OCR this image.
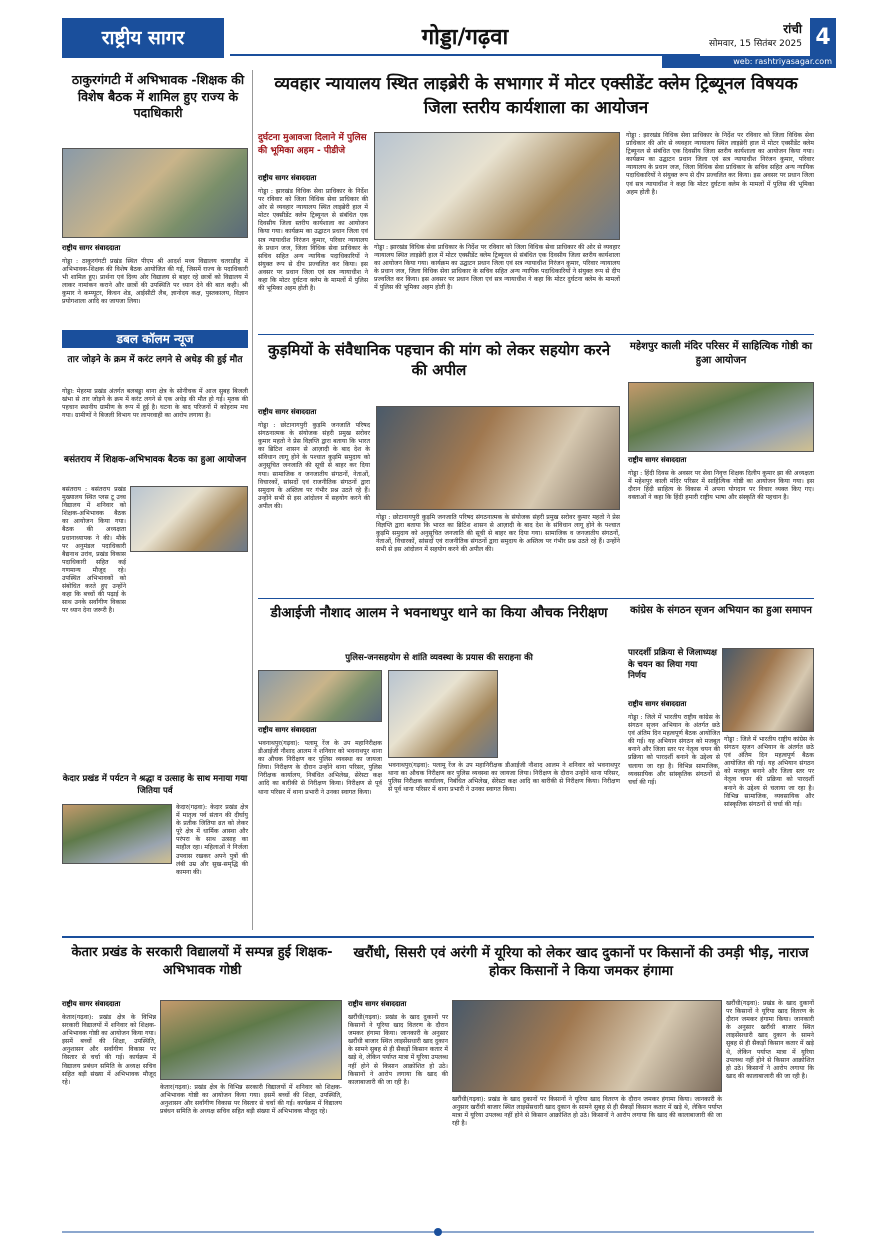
राष्ट्रीय सागर	गोड्डा/गढ़वा	रांची
सोमवार, 15 सितंबर 2025 4
web: rashtriyasagar.com
ठाकुरगंगटी में अभिभावक -शिक्षक की विशेष बैठक में शामिल हुए राज्य के पदाधिकारी
राष्ट्रीय सागर संवाददाता
गोड्डा : ठाकुरगंगटी प्रखंड स्थित पीएम श्री आदर्श मध्य विद्यालय चतराडीह में अभिभावक-शिक्षक की विशेष बैठक आयोजित की गई, जिसमें राज्य के पदाधिकारी भी शामिल हुए। प्रार्थना एवं दिव्य ओर विद्यालय से बाहर रहे छात्रों को विद्यालय में लाकर नामांकन कराने और छात्रों की उपस्थिति पर ध्यान देने की बात कही। श्री कुमार ने कम्प्यूटर, किचन शेड, आईसीटी लैब, ज्ञानोदय कक्ष, पुस्तकालय, विज्ञान प्रयोगशाला आदि का जायजा लिया।
डबल कॉलम न्यूज
तार जोड़ने के क्रम में करंट लगने से अधेड़ की हुई मौत
गोड्डा: मेहरमा प्रखंड अंतर्गत बलबड्डा थाना क्षेत्र के सोनीचक में आज सुबह बिजली खंभा से तार जोड़ने के क्रम में करंट लगने से एक अधेड़ की मौत हो गई। मृतक की पहचान स्थानीय ग्रामीण के रूप में हुई है। घटना के बाद परिजनों में कोहराम मच गया। ग्रामीणों ने बिजली विभाग पर लापरवाही का आरोप लगाया है।
बसंतराय में शिक्षक-अभिभावक बैठक का हुआ आयोजन
बसंतराय : बसंतराय प्रखंड मुख्यालय स्थित प्लस टू उच्च विद्यालय में शनिवार को शिक्षक-अभिभावक बैठक का आयोजन किया गया। बैठक की अध्यक्षता प्रधानाध्यापक ने की। मौके पर अनुमंडल पदाधिकारी बैद्यनाथ उरांव, प्रखंड विकास पदाधिकारी सहित कई गणमान्य मौजूद रहे। उपस्थित अभिभावकों को संबोधित करते हुए उन्होंने कहा कि बच्चों की पढ़ाई के साथ उनके सर्वांगीण विकास पर ध्यान देना जरूरी है।
केदार प्रखंड में पर्यटन ने श्रद्धा व उत्साह के साथ मनाया गया जितिया पर्व
केदार(गढ़वा): केदार प्रखंड क्षेत्र में मातृत्व पर्व संतान की दीर्घायु के प्रतीक जितिया व्रत को लेकर पूरे क्षेत्र में धार्मिक आस्था और परंपरा के साथ उत्साह का माहौल रहा। महिलाओं ने निर्जला उपवास रखकर अपने पुत्रों की लंबी उम्र और सुख-समृद्धि की कामना की।
व्यवहार न्यायालय स्थित लाइब्रेरी के सभागार में मोटर एक्सीडेंट क्लेम ट्रिब्यूनल विषयक जिला स्तरीय कार्यशाला का आयोजन
दुर्घटना मुआवजा दिलाने में पुलिस की भूमिका अहम - पीडीजे
राष्ट्रीय सागर संवाददाता
गोड्डा : झारखंड विधिक सेवा प्राधिकार के निर्देश पर रविवार को जिला विधिक सेवा प्राधिकार की ओर से व्यवहार न्यायालय स्थित लाइब्रेरी हाल में मोटर एक्सीडेंट क्लेम ट्रिब्यूनल से संबंधित एक दिवसीय जिला स्तरीय कार्यशाला का आयोजन किया गया। कार्यक्रम का उद्घाटन प्रधान जिला एवं सत्र न्यायाधीश निरंजन कुमार, परिवार न्यायालय के प्रधान जज, जिला विधिक सेवा प्राधिकार के सचिव सहित अन्य न्यायिक पदाधिकारियों ने संयुक्त रूप से दीप प्रज्वलित कर किया। इस अवसर पर प्रधान जिला एवं सत्र न्यायाधीश ने कहा कि मोटर दुर्घटना क्लेम के मामलों में पुलिस की भूमिका अहम होती है।
गोड्डा : झारखंड विधिक सेवा प्राधिकार के निर्देश पर रविवार को जिला विधिक सेवा प्राधिकार की ओर से व्यवहार न्यायालय स्थित लाइब्रेरी हाल में मोटर एक्सीडेंट क्लेम ट्रिब्यूनल से संबंधित एक दिवसीय जिला स्तरीय कार्यशाला का आयोजन किया गया। कार्यक्रम का उद्घाटन प्रधान जिला एवं सत्र न्यायाधीश निरंजन कुमार, परिवार न्यायालय के प्रधान जज, जिला विधिक सेवा प्राधिकार के सचिव सहित अन्य न्यायिक पदाधिकारियों ने संयुक्त रूप से दीप प्रज्वलित कर किया। इस अवसर पर प्रधान जिला एवं सत्र न्यायाधीश ने कहा कि मोटर दुर्घटना क्लेम के मामलों में पुलिस की भूमिका अहम होती है।
गोड्डा : झारखंड विधिक सेवा प्राधिकार के निर्देश पर रविवार को जिला विधिक सेवा प्राधिकार की ओर से व्यवहार न्यायालय स्थित लाइब्रेरी हाल में मोटर एक्सीडेंट क्लेम ट्रिब्यूनल से संबंधित एक दिवसीय जिला स्तरीय कार्यशाला का आयोजन किया गया। कार्यक्रम का उद्घाटन प्रधान जिला एवं सत्र न्यायाधीश निरंजन कुमार, परिवार न्यायालय के प्रधान जज, जिला विधिक सेवा प्राधिकार के सचिव सहित अन्य न्यायिक पदाधिकारियों ने संयुक्त रूप से दीप प्रज्वलित कर किया। इस अवसर पर प्रधान जिला एवं सत्र न्यायाधीश ने कहा कि मोटर दुर्घटना क्लेम के मामलों में पुलिस की भूमिका अहम होती है।
कुड़मियों के संवैधानिक पहचान की मांग को लेकर सहयोग करने की अपील
राष्ट्रीय सागर संवाददाता
गोड्डा : छोटानागपुरी कुड़मि जनजाति परिषद संगठनात्मक के संयोजक संहरी प्रमुख सरोवर कुमार महतो ने प्रेस विज्ञप्ति द्वारा बताया कि भारत का ब्रिटिश शासन से आज़ादी के बाद देश के संविधान लागू होने के पश्चात कुड़मि समुदाय को अनुसूचित जनजाति की सूची से बाहर कर दिया गया। सामाजिक व जनजातीय संगठनों, नेताओं, विचारकों, सांसदों एवं राजनीतिक संगठनों द्वारा समुदाय के अस्तित्व पर गंभीर प्रश्न उठते रहे हैं। उन्होंने सभी से इस आंदोलन में सहयोग करने की अपील की।
गोड्डा : छोटानागपुरी कुड़मि जनजाति परिषद संगठनात्मक के संयोजक संहरी प्रमुख सरोवर कुमार महतो ने प्रेस विज्ञप्ति द्वारा बताया कि भारत का ब्रिटिश शासन से आज़ादी के बाद देश के संविधान लागू होने के पश्चात कुड़मि समुदाय को अनुसूचित जनजाति की सूची से बाहर कर दिया गया। सामाजिक व जनजातीय संगठनों, नेताओं, विचारकों, सांसदों एवं राजनीतिक संगठनों द्वारा समुदाय के अस्तित्व पर गंभीर प्रश्न उठते रहे हैं। उन्होंने सभी से इस आंदोलन में सहयोग करने की अपील की।
महेशपुर काली मंदिर परिसर में साहित्यिक गोष्ठी का हुआ आयोजन
राष्ट्रीय सागर संवाददाता
गोड्डा : हिंदी दिवस के अवसर पर सेवा निवृत्त शिक्षक दिलीप कुमार झा की अध्यक्षता में महेशपुर काली मंदिर परिसर में साहित्यिक गोष्ठी का आयोजन किया गया। इस दौरान हिंदी साहित्य के विकास में अपना योगदान पर विचार व्यक्त किए गए। वक्ताओं ने कहा कि हिंदी हमारी राष्ट्रीय भाषा और संस्कृति की पहचान है।
डीआईजी नौशाद आलम ने भवनाथपुर थाने का किया औचक निरीक्षण
पुलिस-जनसहयोग से शांति व्यवस्था के प्रयास की सराहना की
राष्ट्रीय सागर संवाददाता
भवनाथपुर(गढ़वा): पलामू रेंज के उप महानिरीक्षक डीआईजी नौशाद आलम ने शनिवार को भवनाथपुर थाना का औचक निरीक्षण कर पुलिस व्यवस्था का जायजा लिया। निरीक्षण के दौरान उन्होंने थाना परिसर, पुलिस निरीक्षक कार्यालय, निबंधित अभिलेख, सेरेस्टा कक्ष आदि का बारीकी से निरीक्षण किया। निरीक्षण से पूर्व थाना परिसर में थाना प्रभारी ने उनका स्वागत किया।
भवनाथपुर(गढ़वा): पलामू रेंज के उप महानिरीक्षक डीआईजी नौशाद आलम ने शनिवार को भवनाथपुर थाना का औचक निरीक्षण कर पुलिस व्यवस्था का जायजा लिया। निरीक्षण के दौरान उन्होंने थाना परिसर, पुलिस निरीक्षक कार्यालय, निबंधित अभिलेख, सेरेस्टा कक्ष आदि का बारीकी से निरीक्षण किया। निरीक्षण से पूर्व थाना परिसर में थाना प्रभारी ने उनका स्वागत किया।
कांग्रेस के संगठन सृजन अभियान का हुआ समापन
पारदर्शी प्रक्रिया से जिलाध्यक्ष के चयन का लिया गया निर्णय
राष्ट्रीय सागर संवाददाता
गोड्डा : जिले में भारतीय राष्ट्रीय कांग्रेस के संगठन सृजन अभियान के अंतर्गत छठे एवं अंतिम दिन महत्वपूर्ण बैठक आयोजित की गई। यह अभियान संगठन को मजबूत बनाने और जिला स्तर पर नेतृत्व चयन की प्रक्रिया को पारदर्शी बनाने के उद्देश्य से चलाया जा रहा है। विभिन्न सामाजिक, व्यवसायिक और सांस्कृतिक संगठनों से चर्चा की गई।
गोड्डा : जिले में भारतीय राष्ट्रीय कांग्रेस के संगठन सृजन अभियान के अंतर्गत छठे एवं अंतिम दिन महत्वपूर्ण बैठक आयोजित की गई। यह अभियान संगठन को मजबूत बनाने और जिला स्तर पर नेतृत्व चयन की प्रक्रिया को पारदर्शी बनाने के उद्देश्य से चलाया जा रहा है। विभिन्न सामाजिक, व्यवसायिक और सांस्कृतिक संगठनों से चर्चा की गई।
केतार प्रखंड के सरकारी विद्यालयों में सम्पन्न हुई शिक्षक-अभिभावक गोष्ठी
राष्ट्रीय सागर संवाददाता
केतार(गढ़वा): प्रखंड क्षेत्र के विभिन्न सरकारी विद्यालयों में शनिवार को शिक्षक-अभिभावक गोष्ठी का आयोजन किया गया। इसमें बच्चों की शिक्षा, उपस्थिति, अनुशासन और सर्वांगीण विकास पर विस्तार से चर्चा की गई। कार्यक्रम में विद्यालय प्रबंधन समिति के अध्यक्ष सचिव सहित बड़ी संख्या में अभिभावक मौजूद रहे।
केतार(गढ़वा): प्रखंड क्षेत्र के विभिन्न सरकारी विद्यालयों में शनिवार को शिक्षक-अभिभावक गोष्ठी का आयोजन किया गया। इसमें बच्चों की शिक्षा, उपस्थिति, अनुशासन और सर्वांगीण विकास पर विस्तार से चर्चा की गई। कार्यक्रम में विद्यालय प्रबंधन समिति के अध्यक्ष सचिव सहित बड़ी संख्या में अभिभावक मौजूद रहे।
खरौंधी, सिसरी एवं अरंगी में यूरिया को लेकर खाद दुकानों पर किसानों की उमड़ी भीड़, नाराज होकर किसानों ने किया जमकर हंगामा
राष्ट्रीय सागर संवाददाता
खरौंधी(गढ़वा): प्रखंड के खाद दुकानों पर किसानों ने यूरिया खाद वितरण के दौरान जमकर हंगामा किया। जानकारी के अनुसार खरौंधी बाजार स्थित लाइसेंसधारी खाद दुकान के सामने सुबह से ही सैकड़ों किसान कतार में खड़े थे, लेकिन पर्याप्त मात्रा में यूरिया उपलब्ध नहीं होने से किसान आक्रोशित हो उठे। किसानों ने आरोप लगाया कि खाद की कालाबाजारी की जा रही है।
खरौंधी(गढ़वा): प्रखंड के खाद दुकानों पर किसानों ने यूरिया खाद वितरण के दौरान जमकर हंगामा किया। जानकारी के अनुसार खरौंधी बाजार स्थित लाइसेंसधारी खाद दुकान के सामने सुबह से ही सैकड़ों किसान कतार में खड़े थे, लेकिन पर्याप्त मात्रा में यूरिया उपलब्ध नहीं होने से किसान आक्रोशित हो उठे। किसानों ने आरोप लगाया कि खाद की कालाबाजारी की जा रही है।
खरौंधी(गढ़वा): प्रखंड के खाद दुकानों पर किसानों ने यूरिया खाद वितरण के दौरान जमकर हंगामा किया। जानकारी के अनुसार खरौंधी बाजार स्थित लाइसेंसधारी खाद दुकान के सामने सुबह से ही सैकड़ों किसान कतार में खड़े थे, लेकिन पर्याप्त मात्रा में यूरिया उपलब्ध नहीं होने से किसान आक्रोशित हो उठे। किसानों ने आरोप लगाया कि खाद की कालाबाजारी की जा रही है।
